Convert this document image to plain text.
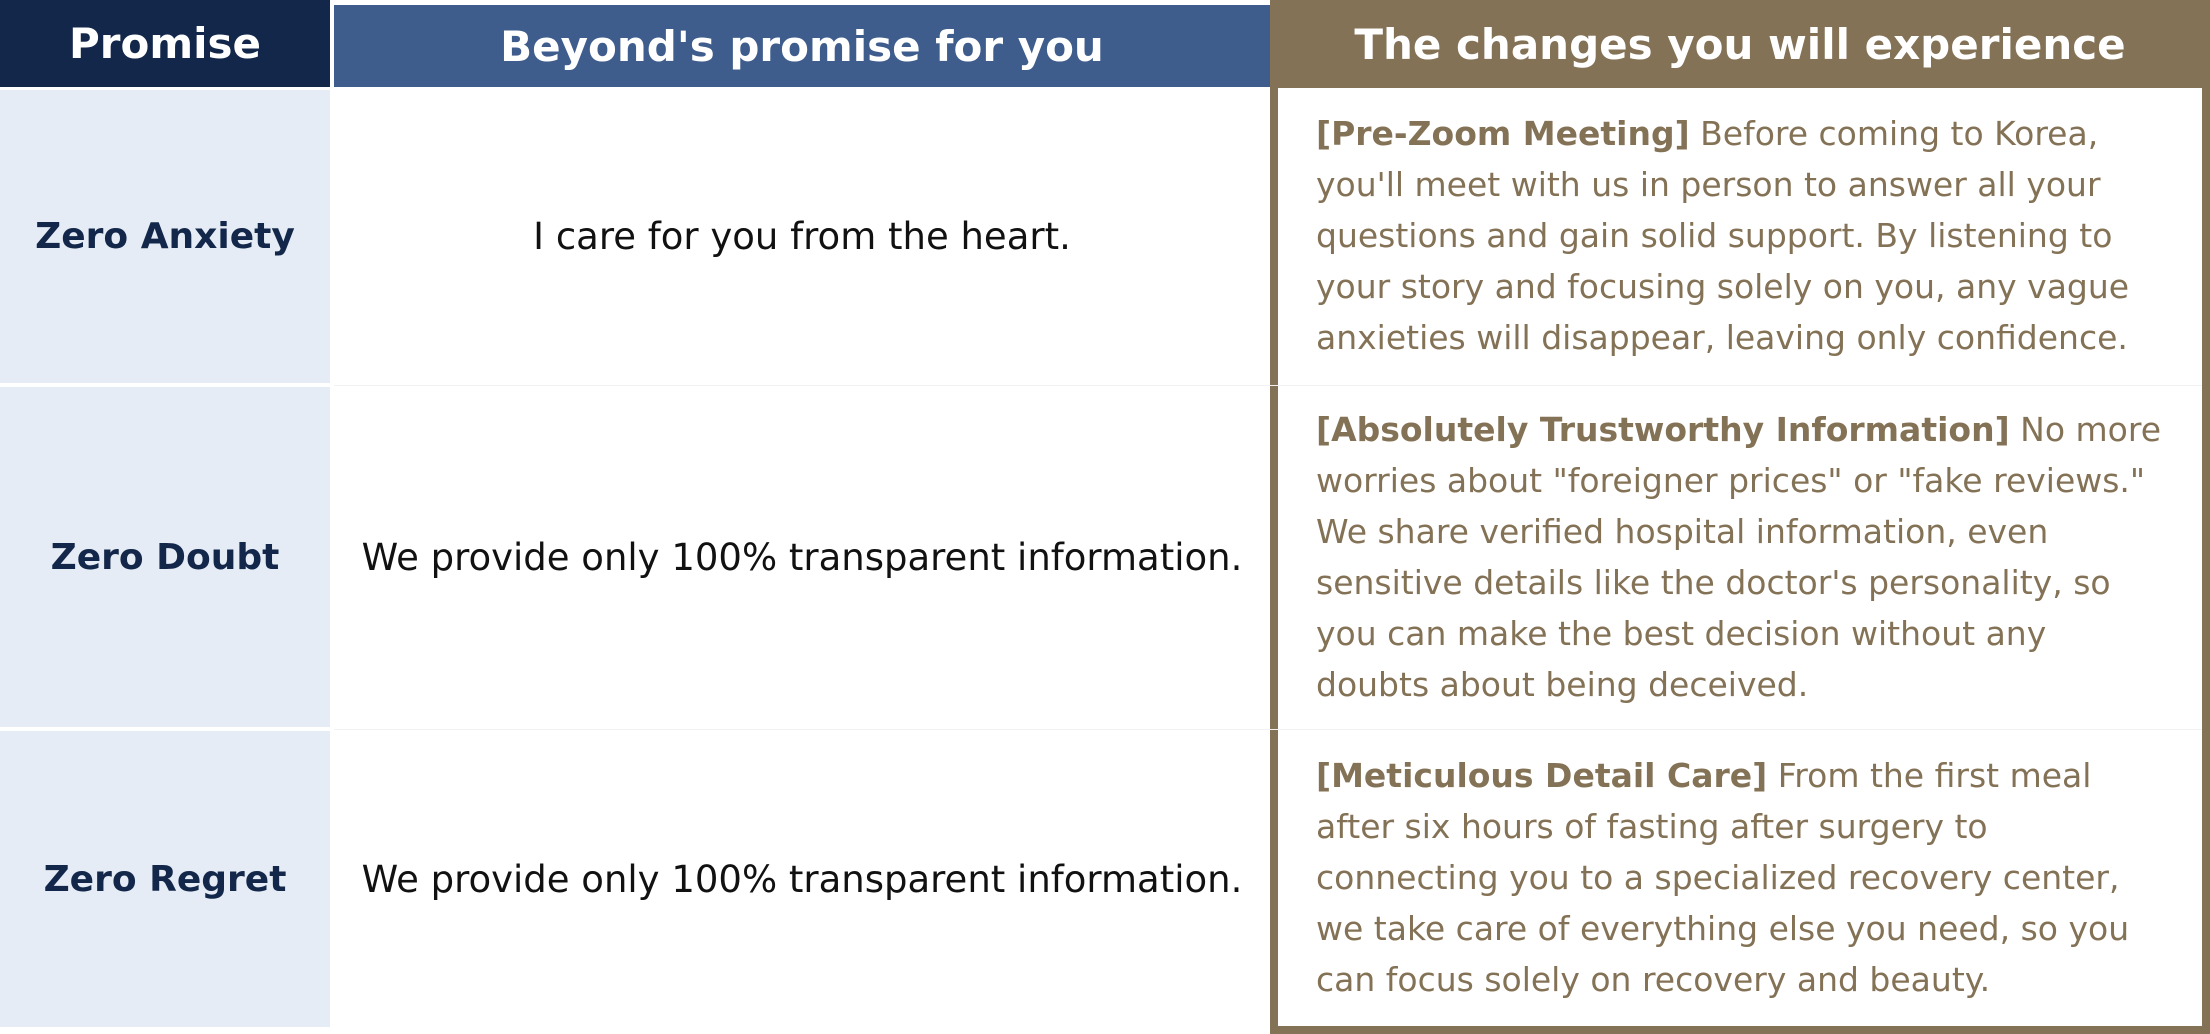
Promise	Beyond's promise for you	The changes you will experience
Zero Anxiety
Zero Doubt
Zero Regret
I care for you from the heart.
We provide only 100% transparent information.
We provide only 100% transparent information.
[Pre-Zoom Meeting] Before coming to Korea, you'll meet with us in person to answer all your questions and gain solid support. By listening to your story and focusing solely on you, any vague anxieties will disappear, leaving only confidence.
[Absolutely Trustworthy Information] No more worries about "foreigner prices" or "fake reviews." We share verified hospital information, even sensitive details like the doctor's personality, so you can make the best decision without any doubts about being deceived.
[Meticulous Detail Care] From the first meal after six hours of fasting after surgery to connecting you to a specialized recovery center, we take care of everything else you need, so you can focus solely on recovery and beauty.
